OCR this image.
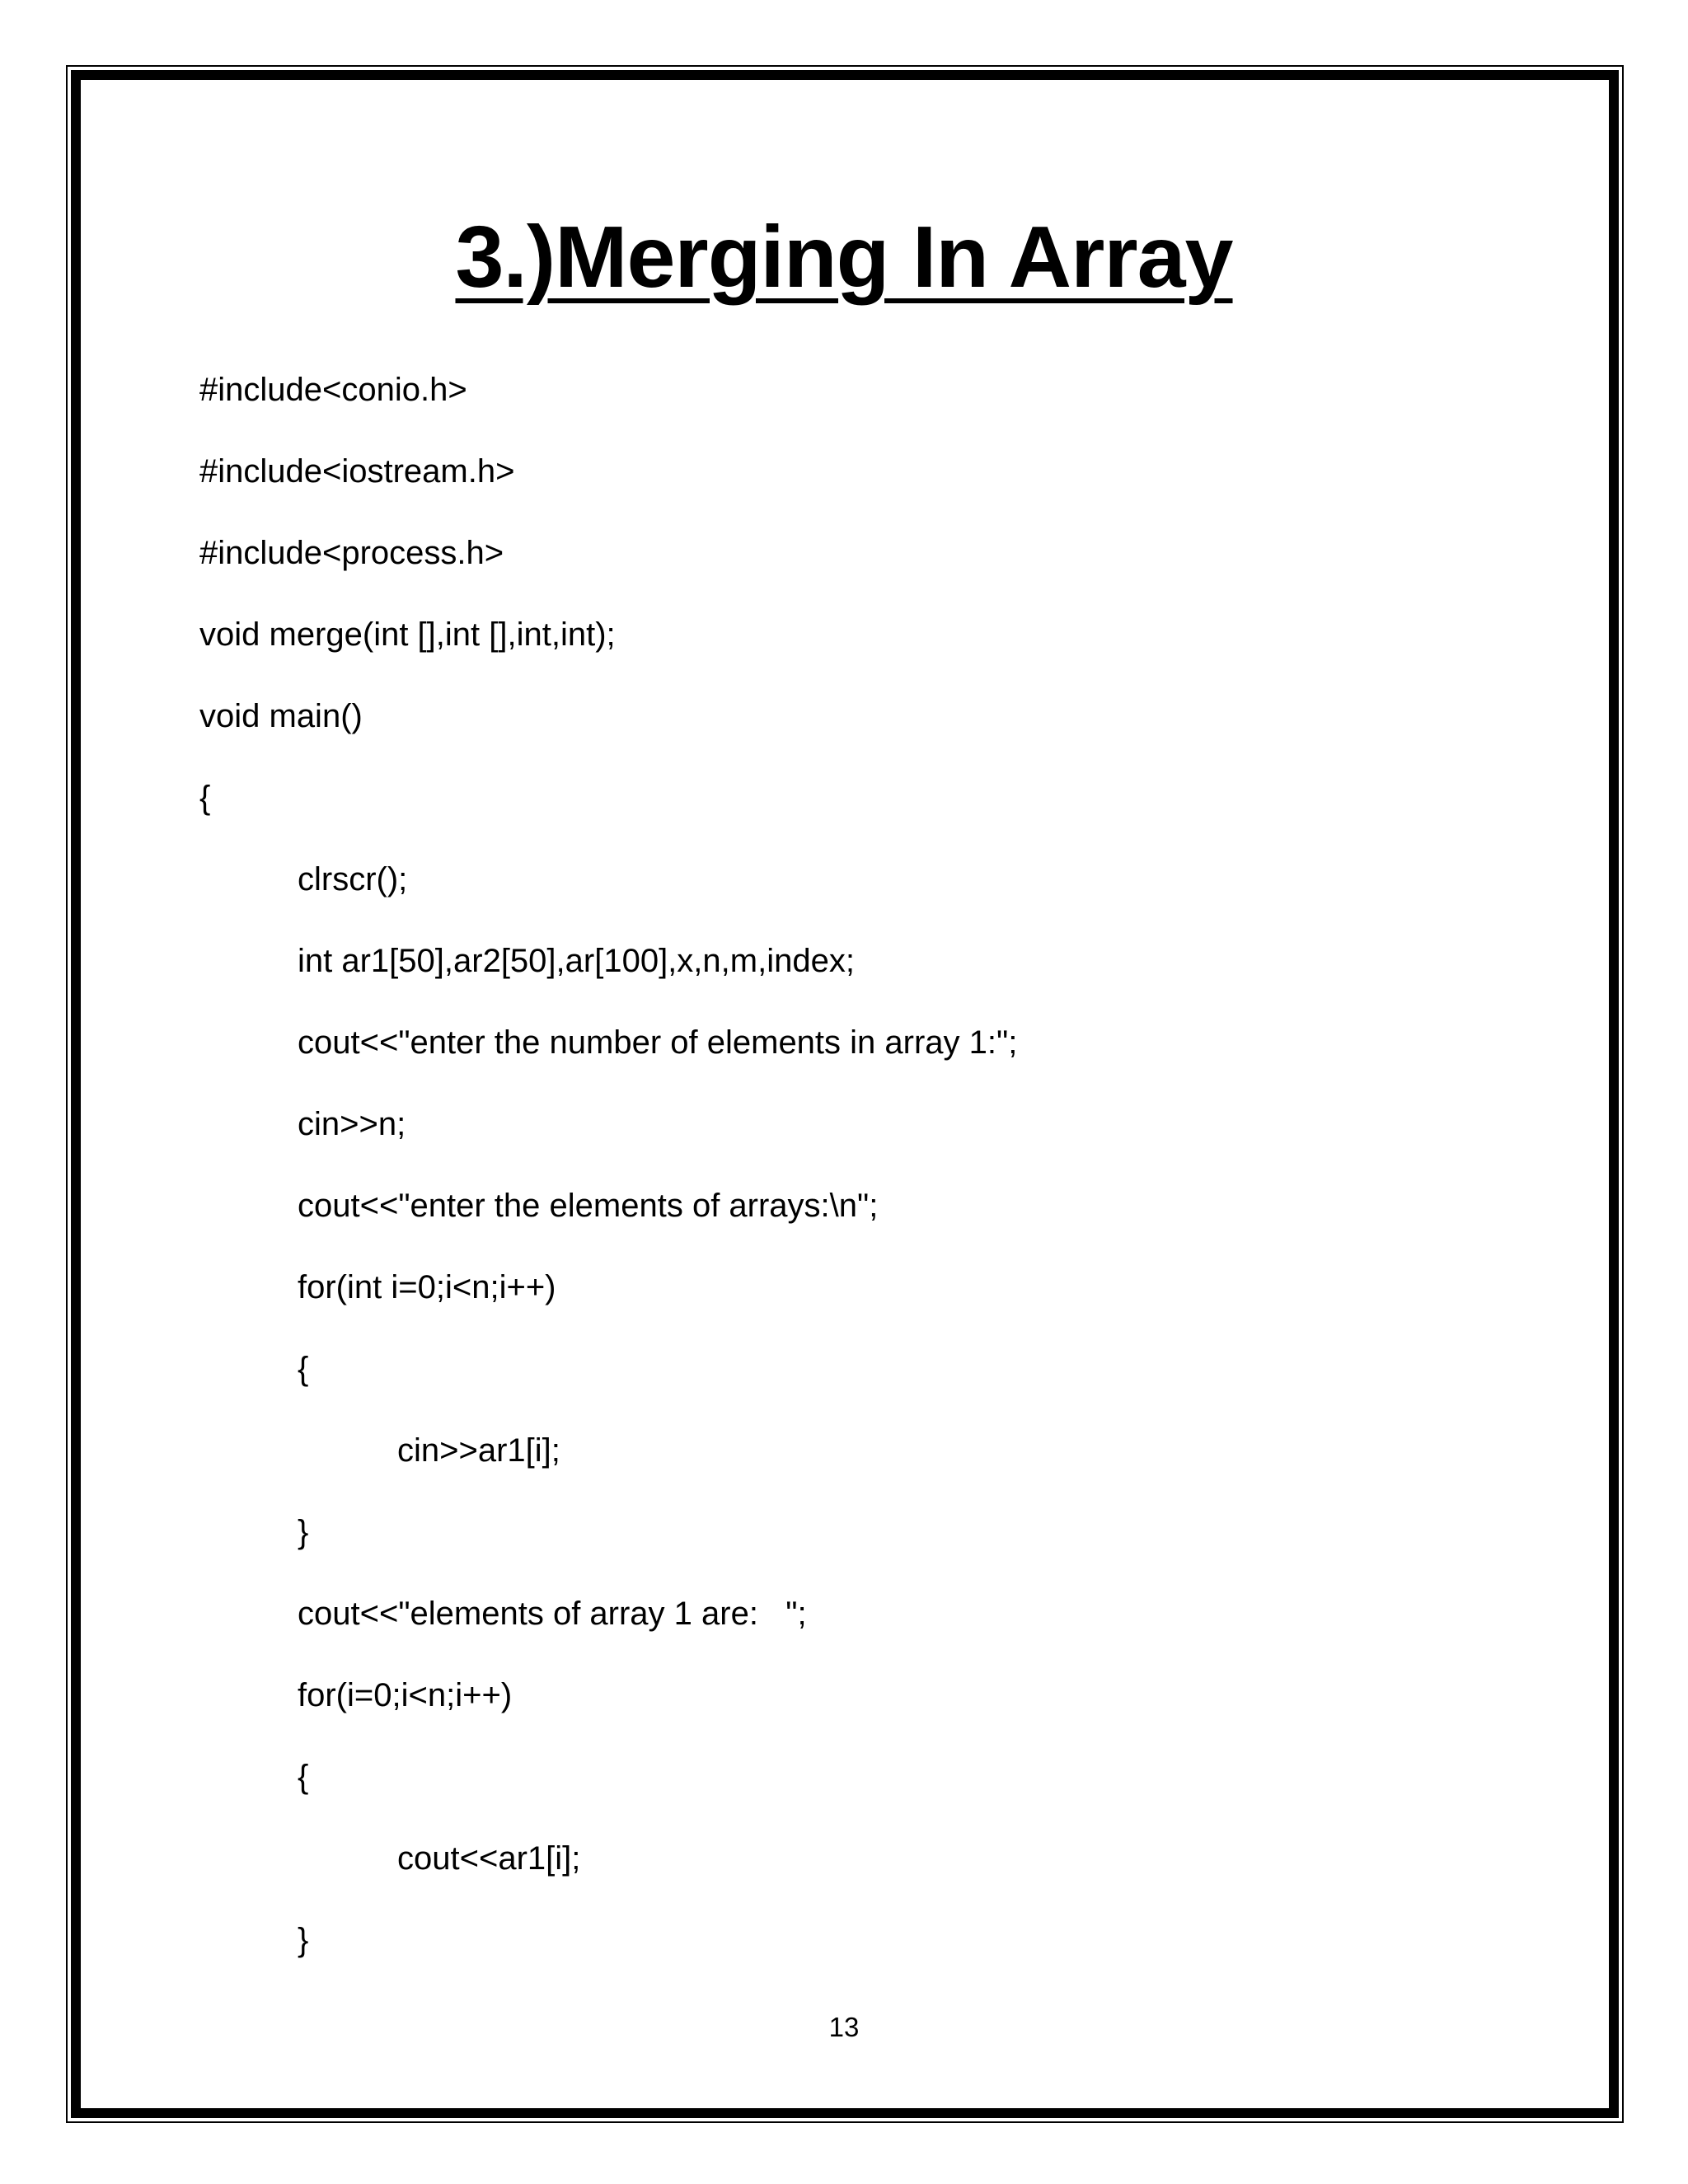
3.)Merging In Array
#include<conio.h>
#include<iostream.h>
#include<process.h>
void merge(int [],int [],int,int);
void main()
{
clrscr();
int ar1[50],ar2[50],ar[100],x,n,m,index;
cout<<"enter the number of elements in array 1:";
cin>>n;
cout<<"enter the elements of arrays:\n";
for(int i=0;i<n;i++)
{
cin>>ar1[i];
}
cout<<"elements of array 1 are:   ";
for(i=0;i<n;i++)
{
cout<<ar1[i];
}
13
